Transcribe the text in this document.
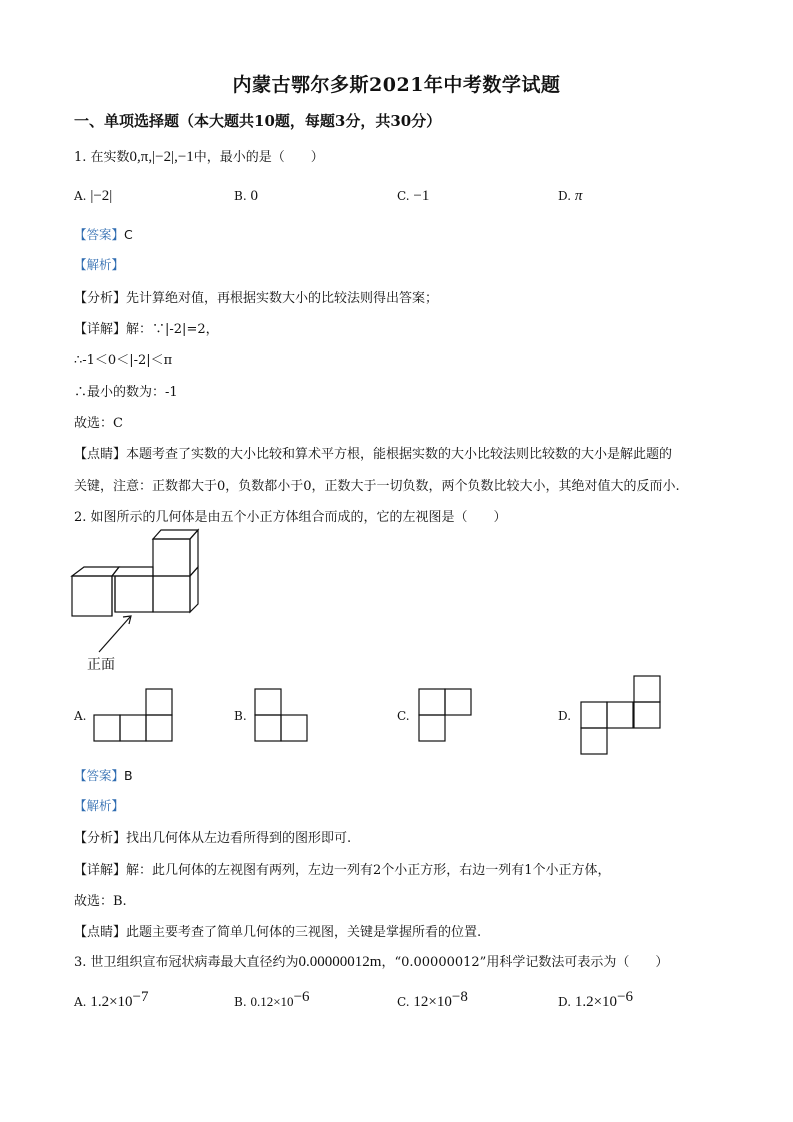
内蒙古鄂尔多斯2021年中考数学试题
一、单项选择题（本大题共10题，每题3分，共30分）
1. 在实数0,π,|−2|,−1中，最小的是（　　）
A. |−2|	B. 0	C. −1	D. π
【答案】C
【解析】
【分析】先计算绝对值，再根据实数大小的比较法则得出答案；
【详解】解：∵|-2|=2，
∴-1＜0＜|-2|＜π
∴最小的数为：-1
故选：C
【点睛】本题考查了实数的大小比较和算术平方根，能根据实数的大小比较法则比较数的大小是解此题的
关键，注意：正数都大于0，负数都小于0，正数大于一切负数，两个负数比较大小，其绝对值大的反而小.
2. 如图所示的几何体是由五个小正方体组合而成的，它的左视图是（　　）
正面
A.	B.	C.	D.
【答案】B
【解析】
【分析】找出几何体从左边看所得到的图形即可.
【详解】解：此几何体的左视图有两列，左边一列有2个小正方形，右边一列有1个小正方体，
故选：B.
【点睛】此题主要考查了简单几何体的三视图，关键是掌握所看的位置.
3. 世卫组织宣布冠状病毒最大直径约为0.00000012m，“0.00000012”用科学记数法可表示为（　　）
A. $1.2\times 10^{-7}$	B. $0.12\times 10^{-6}$	C. $12\times 10^{-8}$	D. $1.2\times 10^{-6}$
